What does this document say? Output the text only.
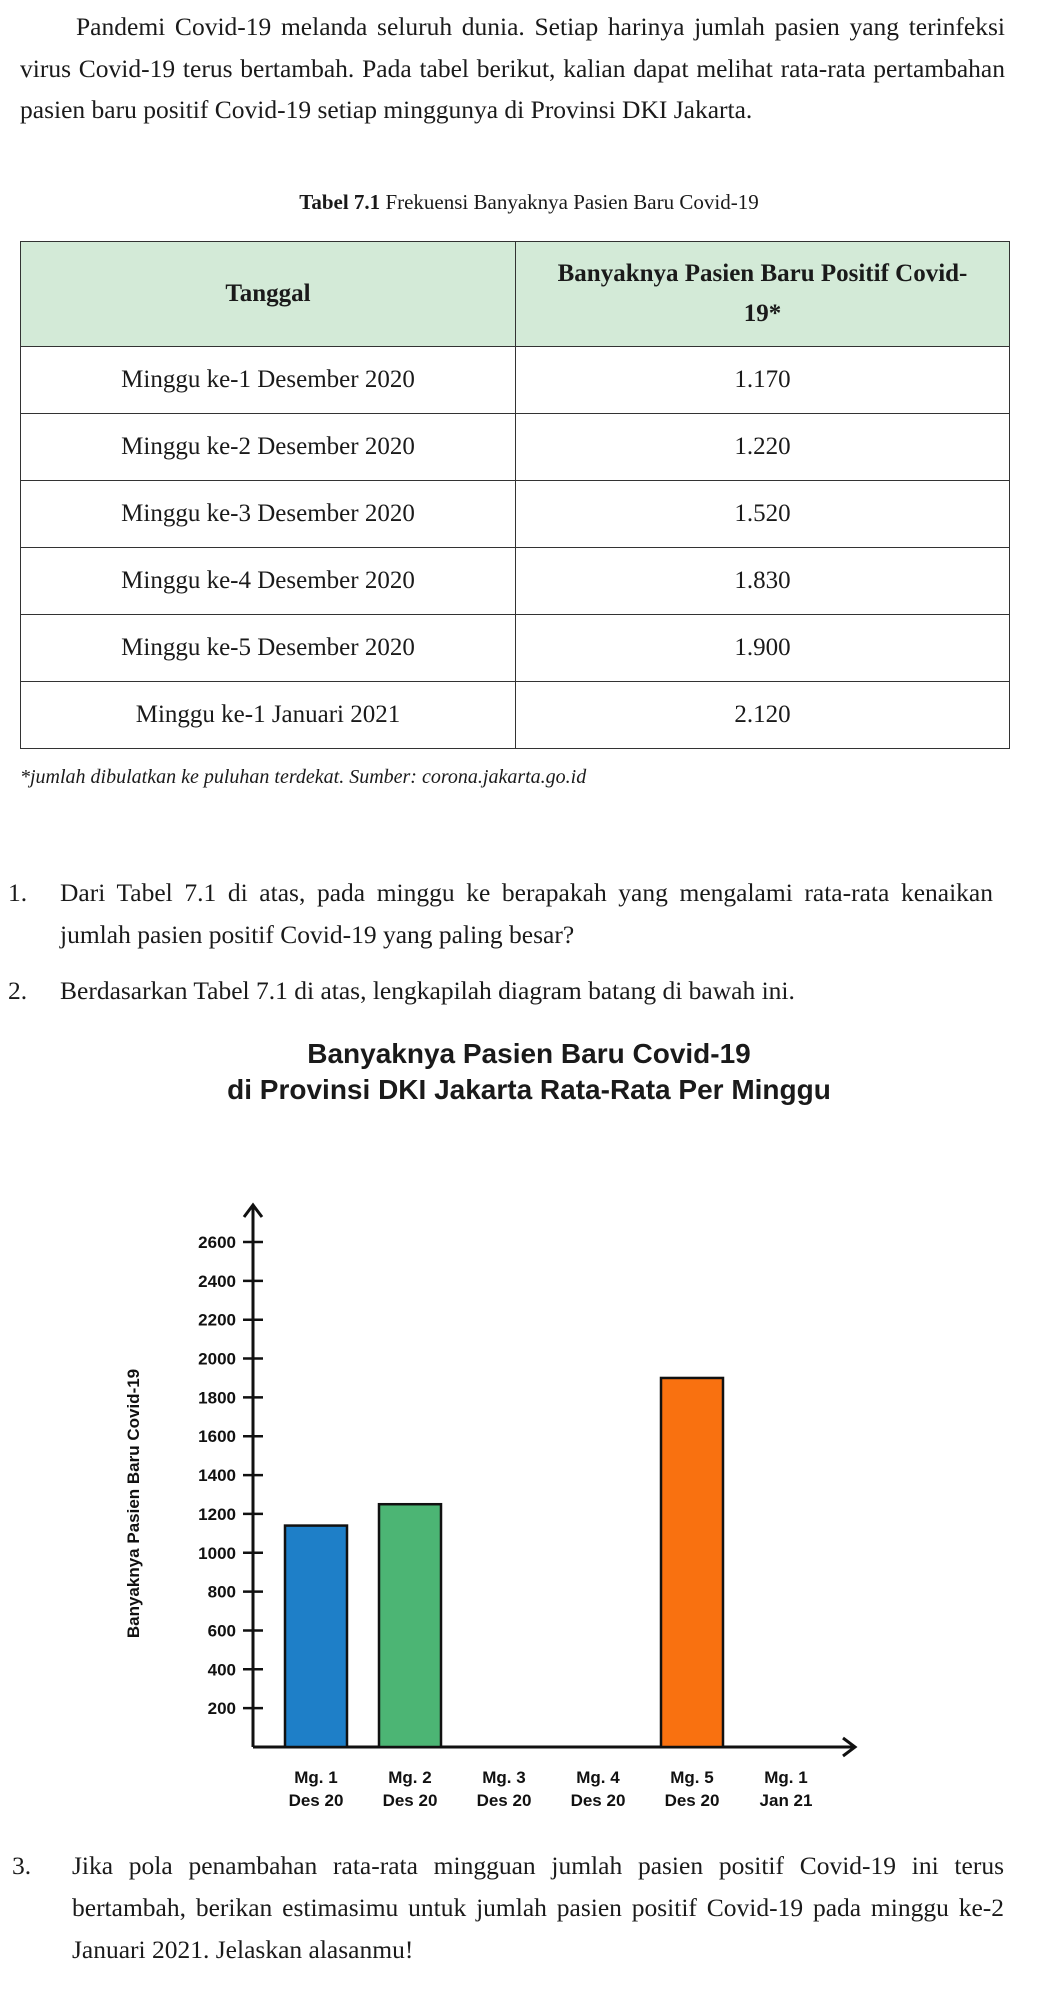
Pandemi Covid-19 melanda seluruh dunia. Setiap harinya jumlah pasien yang terinfeksi virus Covid-19 terus bertambah. Pada tabel berikut, kalian dapat melihat rata-rata pertambahan pasien baru positif Covid-19 setiap minggunya di Provinsi DKI Jakarta.

Tabel 7.1 Frekuensi Banyaknya Pasien Baru Covid-19
Tanggal	Banyaknya Pasien Baru Positif Covid-19*
Minggu ke-1 Desember 2020	1.170
Minggu ke-2 Desember 2020	1.220
Minggu ke-3 Desember 2020	1.520
Minggu ke-4 Desember 2020	1.830
Minggu ke-5 Desember 2020	1.900
Minggu ke-1 Januari 2021	2.120
*jumlah dibulatkan ke puluhan terdekat. Sumber: corona.jakarta.go.id
1. Dari Tabel 7.1 di atas, pada minggu ke berapakah yang mengalami rata-rata kenaikan jumlah pasien positif Covid-19 yang paling besar?
2. Berdasarkan Tabel 7.1 di atas, lengkapilah diagram batang di bawah ini.
Banyaknya Pasien Baru Covid-19
di Provinsi DKI Jakarta Rata-Rata Per Minggu
Banyaknya Pasien Baru Covid-19
200
400
600
800
1000
1200
1400
1600
1800
2000
2200
2400
2600
Mg. 1
Des 20
Mg. 2
Des 20
Mg. 3
Des 20
Mg. 4
Des 20
Mg. 5
Des 20
Mg. 1
Jan 21
3. Jika pola penambahan rata-rata mingguan jumlah pasien positif Covid-19 ini terus bertambah, berikan estimasimu untuk jumlah pasien positif Covid-19 pada minggu ke-2 Januari 2021. Jelaskan alasanmu!
